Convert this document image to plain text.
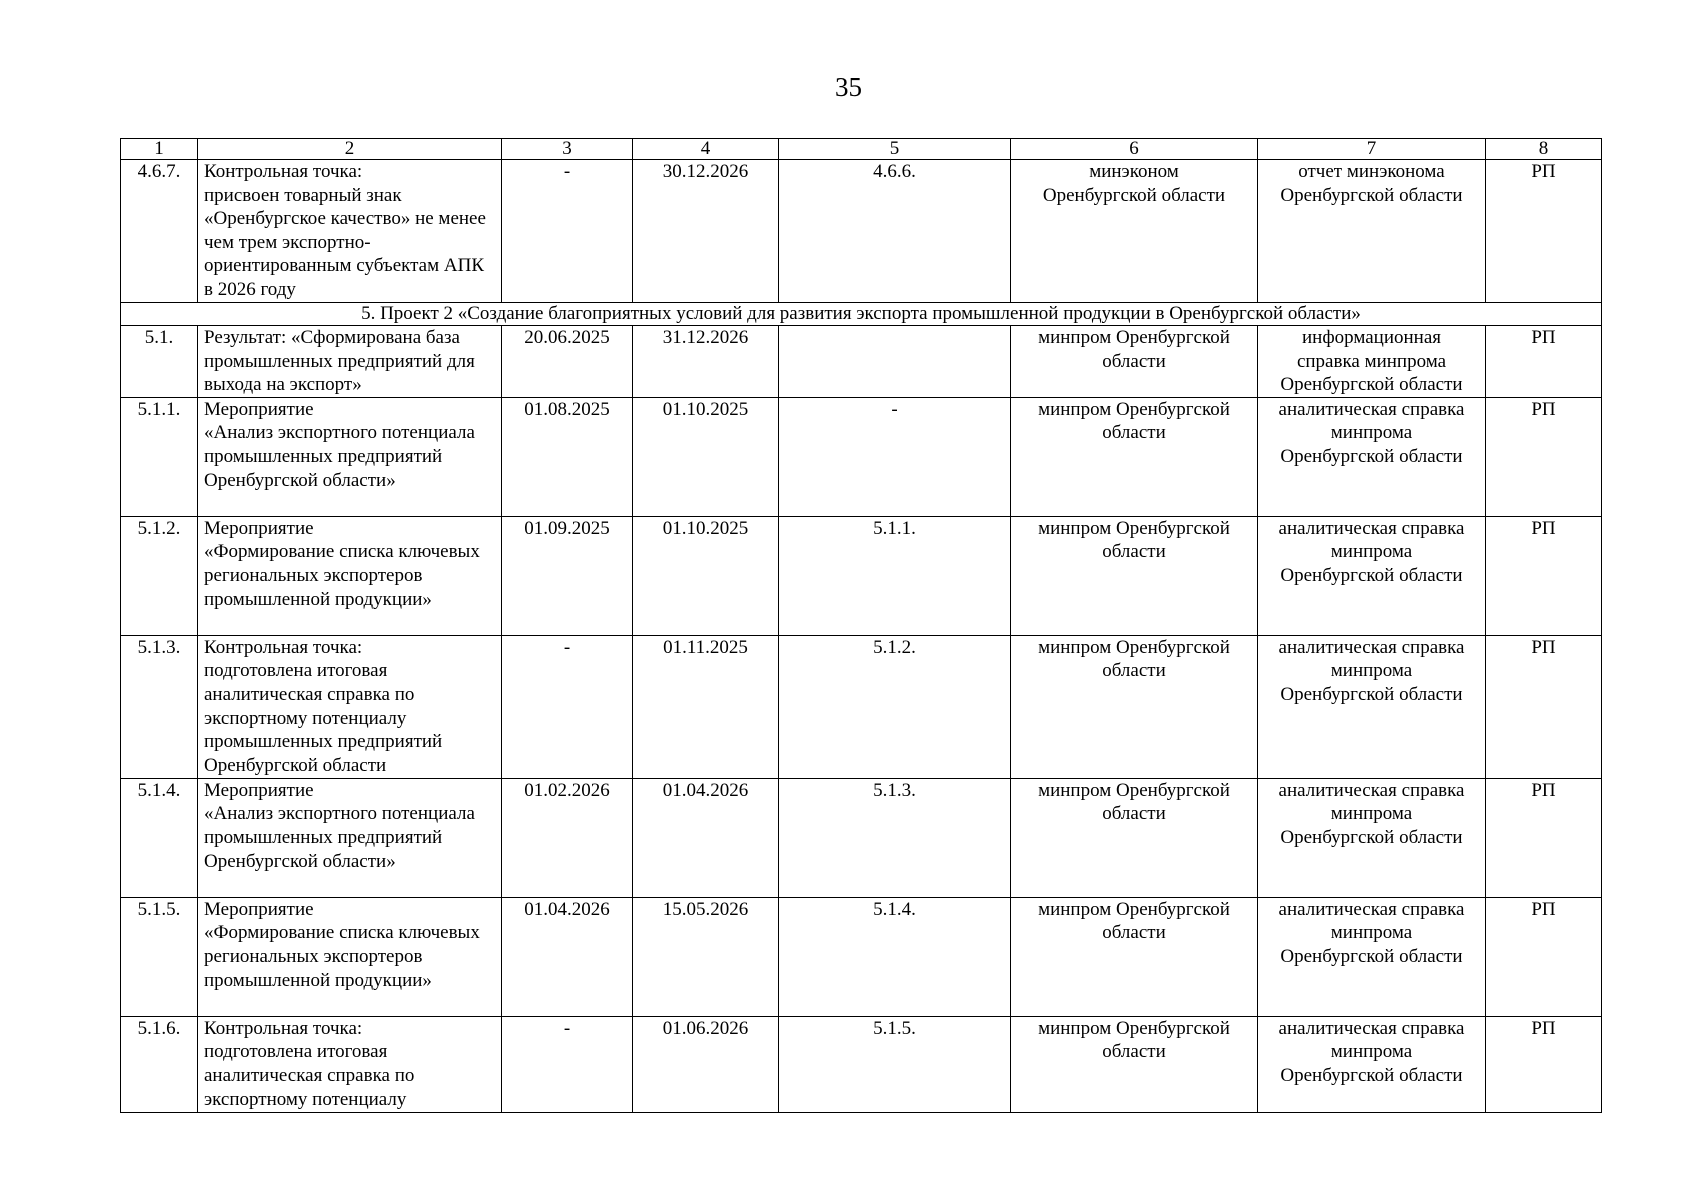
35
1	2	3	4	5	6	7	8
4.6.7.	Контрольная точка:
присвоен товарный знак
«Оренбургское качество» не менее чем трем экспортно-ориентированным субъектам АПК в 2026 году	-	30.12.2026	4.6.6.	минэконом
Оренбургской области	отчет минэконома
Оренбургской области	РП
5. Проект 2 «Создание благоприятных условий для развития экспорта промышленной продукции в Оренбургской области»							
5.1.	Результат: «Сформирована база промышленных предприятий для выхода на экспорт»	20.06.2025	31.12.2026		минпром Оренбургской
области	информационная
справка минпрома
Оренбургской области	РП
5.1.1.	Мероприятие
«Анализ экспортного потенциала промышленных предприятий Оренбургской области»	01.08.2025	01.10.2025	-	минпром Оренбургской
области	аналитическая справка
минпрома
Оренбургской области	РП
5.1.2.	Мероприятие
«Формирование списка ключевых региональных экспортеров промышленной продукции»	01.09.2025	01.10.2025	5.1.1.	минпром Оренбургской
области	аналитическая справка
минпрома
Оренбургской области	РП
5.1.3.	Контрольная точка:
подготовлена итоговая аналитическая справка по экспортному потенциалу промышленных предприятий Оренбургской области	-	01.11.2025	5.1.2.	минпром Оренбургской
области	аналитическая справка
минпрома
Оренбургской области	РП
5.1.4.	Мероприятие
«Анализ экспортного потенциала промышленных предприятий Оренбургской области»	01.02.2026	01.04.2026	5.1.3.	минпром Оренбургской
области	аналитическая справка
минпрома
Оренбургской области	РП
5.1.5.	Мероприятие
«Формирование списка ключевых региональных экспортеров промышленной продукции»	01.04.2026	15.05.2026	5.1.4.	минпром Оренбургской
области	аналитическая справка
минпрома
Оренбургской области	РП
5.1.6.	Контрольная точка:
подготовлена итоговая аналитическая справка по экспортному потенциалу	-	01.06.2026	5.1.5.	минпром Оренбургской
области	аналитическая справка
минпрома
Оренбургской области	РП
